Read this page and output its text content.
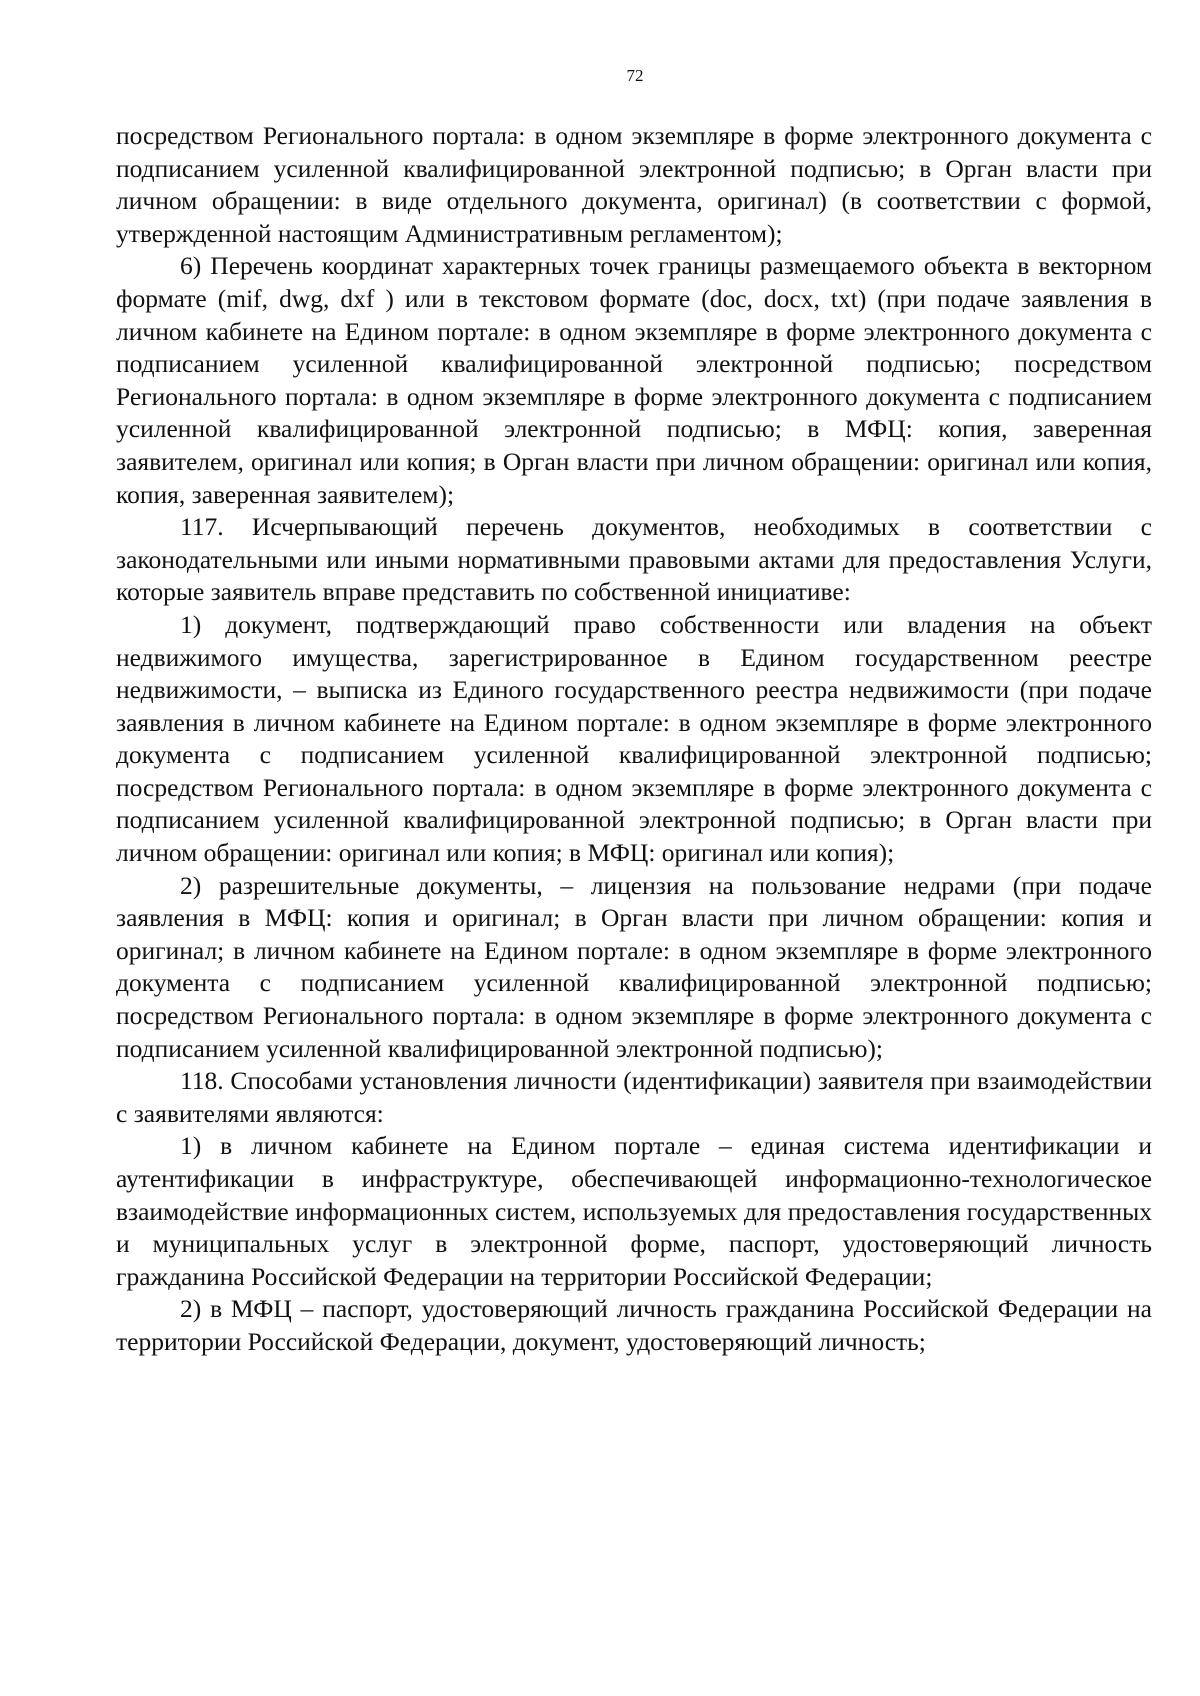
72

посредством Регионального портала: в одном экземпляре в форме электронного документа с подписанием усиленной квалифицированной электронной подписью; в Орган власти при личном обращении: в виде отдельного документа, оригинал) (в соответствии с формой, утвержденной настоящим Административным регламентом);

6) Перечень координат характерных точек границы размещаемого объекта в векторном формате (mif, dwg, dxf ) или в текстовом формате (doc, docx, txt) (при подаче заявления в личном кабинете на Едином портале: в одном экземпляре в форме электронного документа с подписанием усиленной квалифицированной электронной подписью; посредством Регионального портала: в одном экземпляре в форме электронного документа с подписанием усиленной квалифицированной электронной подписью; в МФЦ: копия, заверенная заявителем, оригинал или копия; в Орган власти при личном обращении: оригинал или копия, копия, заверенная заявителем);

117. Исчерпывающий перечень документов, необходимых в соответствии с законодательными или иными нормативными правовыми актами для предоставления Услуги, которые заявитель вправе представить по собственной инициативе:

1) документ, подтверждающий право собственности или владения на объект недвижимого имущества, зарегистрированное в Едином государственном реестре недвижимости, – выписка из Единого государственного реестра недвижимости (при подаче заявления в личном кабинете на Едином портале: в одном экземпляре в форме электронного документа с подписанием усиленной квалифицированной электронной подписью; посредством Регионального портала: в одном экземпляре в форме электронного документа с подписанием усиленной квалифицированной электронной подписью; в Орган власти при личном обращении: оригинал или копия; в МФЦ: оригинал или копия);

2) разрешительные документы, – лицензия на пользование недрами (при подаче заявления в МФЦ: копия и оригинал; в Орган власти при личном обращении: копия и оригинал; в личном кабинете на Едином портале: в одном экземпляре в форме электронного документа с подписанием усиленной квалифицированной электронной подписью; посредством Регионального портала: в одном экземпляре в форме электронного документа с подписанием усиленной квалифицированной электронной подписью);

118. Способами установления личности (идентификации) заявителя при взаимодействии с заявителями являются:

1) в личном кабинете на Едином портале – единая система идентификации и аутентификации в инфраструктуре, обеспечивающей информационно-технологическое взаимодействие информационных систем, используемых для предоставления государственных и муниципальных услуг в электронной форме, паспорт, удостоверяющий личность гражданина Российской Федерации на территории Российской Федерации;

2) в МФЦ – паспорт, удостоверяющий личность гражданина Российской Федерации на территории Российской Федерации, документ, удостоверяющий личность;
